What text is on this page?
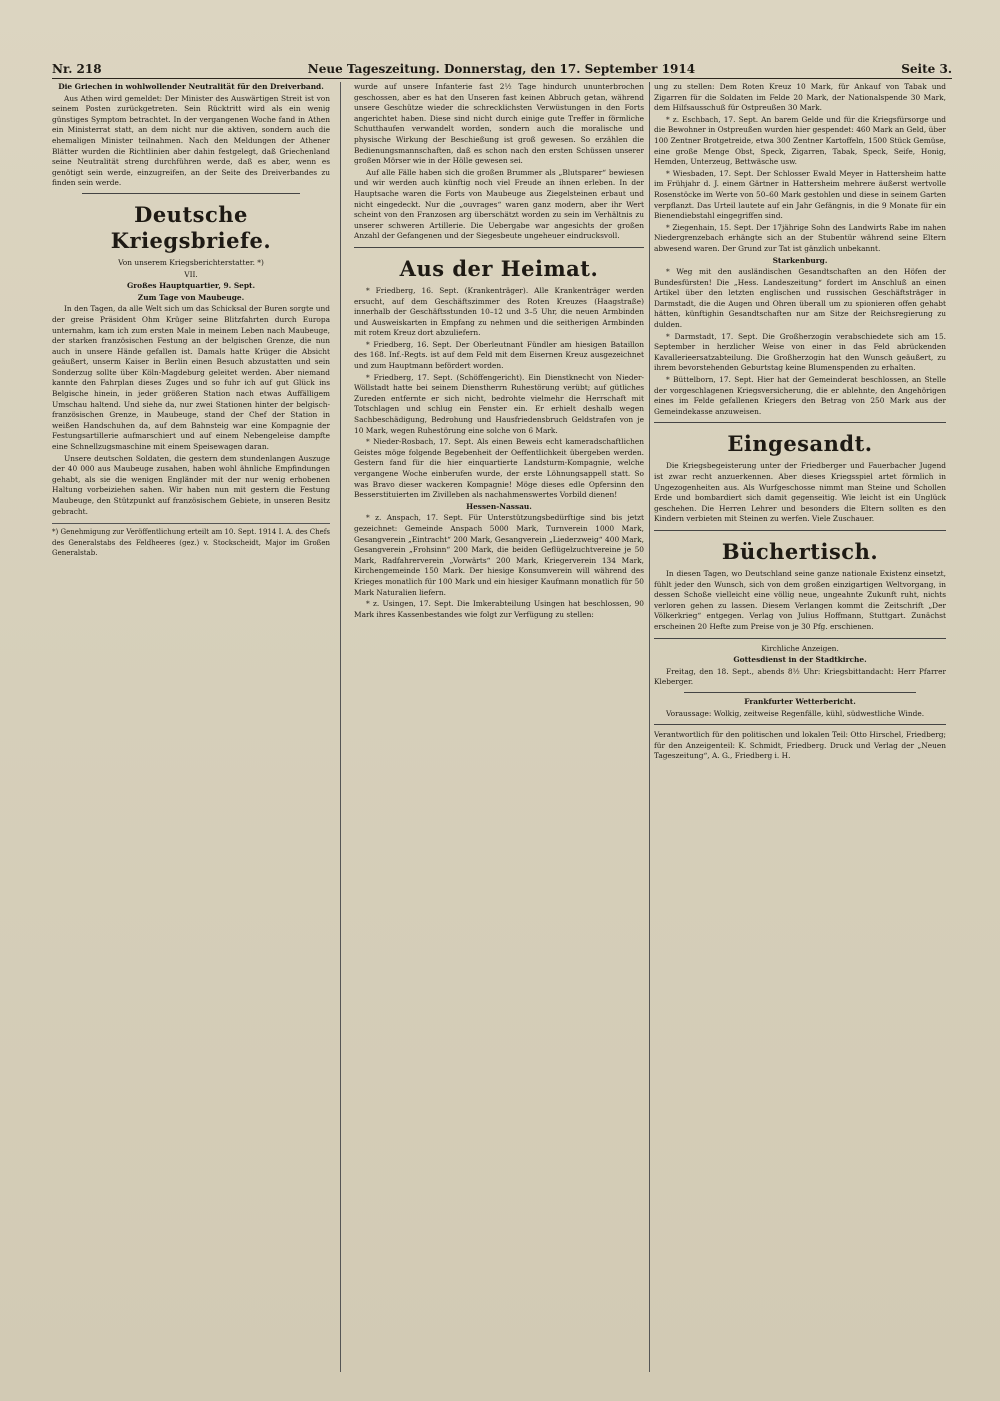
Nr. 218	Neue Tageszeitung. Donnerstag, den 17. September 1914	Seite 3.

Die Griechen in wohlwollender Neutralität für den Dreiverband.

Aus Athen wird gemeldet: Der Minister des Auswärtigen Streit ist von seinem Posten zurückgetreten. Sein Rücktritt wird als ein wenig günstiges Symptom betrachtet. In der vergangenen Woche fand in Athen ein Ministerrat statt, an dem nicht nur die aktiven, sondern auch die ehemaligen Minister teilnahmen. Nach den Meldungen der Athener Blätter wurden die Richtlinien aber dahin festgelegt, daß Griechenland seine Neutralität streng durchführen werde, daß es aber, wenn es genötigt sein werde, einzugreifen, an der Seite des Dreiverbandes zu finden sein werde.

Deutsche Kriegsbriefe.

Von unserem Kriegsberichterstatter. *)

VII.

Großes Hauptquartier, 9. Sept.

Zum Tage von Maubeuge.

In den Tagen, da alle Welt sich um das Schicksal der Buren sorgte und der greise Präsident Ohm Krüger seine Blitzfahrten durch Europa unternahm, kam ich zum ersten Male in meinem Leben nach Maubeuge, der starken französischen Festung an der belgischen Grenze, die nun auch in unsere Hände gefallen ist. Damals hatte Krüger die Absicht geäußert, unserm Kaiser in Berlin einen Besuch abzustatten und sein Sonderzug sollte über Köln-Magdeburg geleitet werden. Aber niemand kannte den Fahrplan dieses Zuges und so fuhr ich auf gut Glück ins Belgische hinein, in jeder größeren Station nach etwas Auffälligem Umschau haltend. Und siehe da, nur zwei Stationen hinter der belgisch-französischen Grenze, in Maubeuge, stand der Chef der Station in weißen Handschuhen da, auf dem Bahnsteig war eine Kompagnie der Festungsartillerie aufmarschiert und auf einem Nebengeleise dampfte eine Schnellzugsmaschine mit einem Speisewagen daran.

Unsere deutschen Soldaten, die gestern dem stundenlangen Auszuge der 40 000 aus Maubeuge zusahen, haben wohl ähnliche Empfindungen gehabt, als sie die wenigen Engländer mit der nur wenig erhobenen Haltung vorbeiziehen sahen. Wir haben nun mit gestern die Festung Maubeuge, den Stützpunkt auf französischem Gebiete, in unseren Besitz gebracht.

*) Genehmigung zur Veröffentlichung erteilt am 10. Sept. 1914 I. A. des Chefs des Generalstabs des Feldheeres (gez.) v. Stockscheidt, Major im Großen Generalstab.

wurde auf unsere Infanterie fast 2½ Tage hindurch ununterbrochen geschossen, aber es hat den Unseren fast keinen Abbruch getan, während unsere Geschütze wieder die schrecklichsten Verwüstungen in den Forts angerichtet haben. Diese sind nicht durch einige gute Treffer in förmliche Schutthaufen verwandelt worden, sondern auch die moralische und physische Wirkung der Beschießung ist groß gewesen. So erzählen die Bedienungsmannschaften, daß es schon nach den ersten Schüssen unserer großen Mörser wie in der Hölle gewesen sei.

Auf alle Fälle haben sich die großen Brummer als „Blutsparer“ bewiesen und wir werden auch künftig noch viel Freude an ihnen erleben. In der Hauptsache waren die Forts von Maubeuge aus Ziegelsteinen erbaut und nicht eingedeckt. Nur die „ouvrages“ waren ganz modern, aber ihr Wert scheint von den Franzosen arg überschätzt worden zu sein im Verhältnis zu unserer schweren Artillerie. Die Uebergabe war angesichts der großen Anzahl der Gefangenen und der Siegesbeute ungeheuer eindrucksvoll.

Aus der Heimat.

* Friedberg, 16. Sept. (Krankenträger). Alle Krankenträger werden ersucht, auf dem Geschäftszimmer des Roten Kreuzes (Haagstraße) innerhalb der Geschäftsstunden 10–12 und 3–5 Uhr, die neuen Armbinden und Ausweiskarten in Empfang zu nehmen und die seitherigen Armbinden mit rotem Kreuz dort abzuliefern.

* Friedberg, 16. Sept. Der Oberleutnant Fündler am hiesigen Bataillon des 168. Inf.-Regts. ist auf dem Feld mit dem Eisernen Kreuz ausgezeichnet und zum Hauptmann befördert worden.

* Friedberg, 17. Sept. (Schöffengericht). Ein Dienstknecht von Nieder-Wöllstadt hatte bei seinem Dienstherrn Ruhestörung verübt; auf gütliches Zureden entfernte er sich nicht, bedrohte vielmehr die Herrschaft mit Totschlagen und schlug ein Fenster ein. Er erhielt deshalb wegen Sachbeschädigung, Bedrohung und Hausfriedensbruch Geldstrafen von je 10 Mark, wegen Ruhestörung eine solche von 6 Mark.

* Nieder-Rosbach, 17. Sept. Als einen Beweis echt kameradschaftlichen Geistes möge folgende Begebenheit der Oeffentlichkeit übergeben werden. Gestern fand für die hier einquartierte Landsturm-Kompagnie, welche vergangene Woche einberufen wurde, der erste Löhnungsappell statt. So was Bravo dieser wackeren Kompagnie! Möge dieses edle Opfersinn den Besserstituierten im Zivilleben als nachahmenswertes Vorbild dienen!

Hessen-Nassau.

* z. Anspach, 17. Sept. Für Unterstützungsbedürftige sind bis jetzt gezeichnet: Gemeinde Anspach 5000 Mark, Turnverein 1000 Mark, Gesangverein „Eintracht“ 200 Mark, Gesangverein „Liederzweig“ 400 Mark, Gesangverein „Frohsinn“ 200 Mark, die beiden Geflügelzuchtvereine je 50 Mark, Radfahrerverein „Vorwärts“ 200 Mark, Kriegerverein 134 Mark, Kirchengemeinde 150 Mark. Der hiesige Konsumverein will während des Krieges monatlich für 100 Mark und ein hiesiger Kaufmann monatlich für 50 Mark Naturalien liefern.

* z. Usingen, 17. Sept. Die Imkerabteilung Usingen hat beschlossen, 90 Mark ihres Kassenbestandes wie folgt zur Verfügung zu stellen:

ung zu stellen: Dem Roten Kreuz 10 Mark, für Ankauf von Tabak und Zigarren für die Soldaten im Felde 20 Mark, der Nationalspende 30 Mark, dem Hilfsausschuß für Ostpreußen 30 Mark.

* z. Eschbach, 17. Sept. An barem Gelde und für die Kriegsfürsorge und die Bewohner in Ostpreußen wurden hier gespendet: 460 Mark an Geld, über 100 Zentner Brotgetreide, etwa 300 Zentner Kartoffeln, 1500 Stück Gemüse, eine große Menge Obst, Speck, Zigarren, Tabak, Speck, Seife, Honig, Hemden, Unterzeug, Bettwäsche usw.

* Wiesbaden, 17. Sept. Der Schlosser Ewald Meyer in Hattersheim hatte im Frühjahr d. J. einem Gärtner in Hattersheim mehrere äußerst wertvolle Rosenstöcke im Werte von 50–60 Mark gestohlen und diese in seinem Garten verpflanzt. Das Urteil lautete auf ein Jahr Gefängnis, in die 9 Monate für ein Bienendiebstahl eingegriffen sind.

* Ziegenhain, 15. Sept. Der 17jährige Sohn des Landwirts Rabe im nahen Niedergrenzebach erhängte sich an der Stubentür während seine Eltern abwesend waren. Der Grund zur Tat ist gänzlich unbekannt.

Starkenburg.

* Weg mit den ausländischen Gesandtschaften an den Höfen der Bundesfürsten! Die „Hess. Landeszeitung“ fordert im Anschluß an einen Artikel über den letzten englischen und russischen Geschäftsträger in Darmstadt, die die Augen und Ohren überall um zu spionieren offen gehabt hätten, künftighin Gesandtschaften nur am Sitze der Reichsregierung zu dulden.

* Darmstadt, 17. Sept. Die Großherzogin verabschiedete sich am 15. September in herzlicher Weise von einer in das Feld abrückenden Kavallerieersatzabteilung. Die Großherzogin hat den Wunsch geäußert, zu ihrem bevorstehenden Geburtstag keine Blumenspenden zu erhalten.

* Büttelborn, 17. Sept. Hier hat der Gemeinderat beschlossen, an Stelle der vorgeschlagenen Kriegsversicherung, die er ablehnte, den Angehörigen eines im Felde gefallenen Kriegers den Betrag von 250 Mark aus der Gemeindekasse anzuweisen.

Eingesandt.

Die Kriegsbegeisterung unter der Friedberger und Fauerbacher Jugend ist zwar recht anzuerkennen. Aber dieses Kriegsspiel artet förmlich in Ungezogenheiten aus. Als Wurfgeschosse nimmt man Steine und Schollen Erde und bombardiert sich damit gegenseitig. Wie leicht ist ein Unglück geschehen. Die Herren Lehrer und besonders die Eltern sollten es den Kindern verbieten mit Steinen zu werfen. Viele Zuschauer.

Büchertisch.

In diesen Tagen, wo Deutschland seine ganze nationale Existenz einsetzt, fühlt jeder den Wunsch, sich von dem großen einzigartigen Weltvorgang, in dessen Schoße vielleicht eine völlig neue, ungeahnte Zukunft ruht, nichts verloren gehen zu lassen. Diesem Verlangen kommt die Zeitschrift „Der Völkerkrieg“ entgegen. Verlag von Julius Hoffmann, Stuttgart. Zunächst erscheinen 20 Hefte zum Preise von je 30 Pfg. erschienen.

Kirchliche Anzeigen.

Gottesdienst in der Stadtkirche.

Freitag, den 18. Sept., abends 8½ Uhr: Kriegsbittandacht: Herr Pfarrer Kleberger.

Frankfurter Wetterbericht.

Voraussage: Wolkig, zeitweise Regenfälle, kühl, südwestliche Winde.

Verantwortlich für den politischen und lokalen Teil: Otto Hirschel, Friedberg; für den Anzeigenteil: K. Schmidt, Friedberg. Druck und Verlag der „Neuen Tageszeitung“, A. G., Friedberg i. H.
